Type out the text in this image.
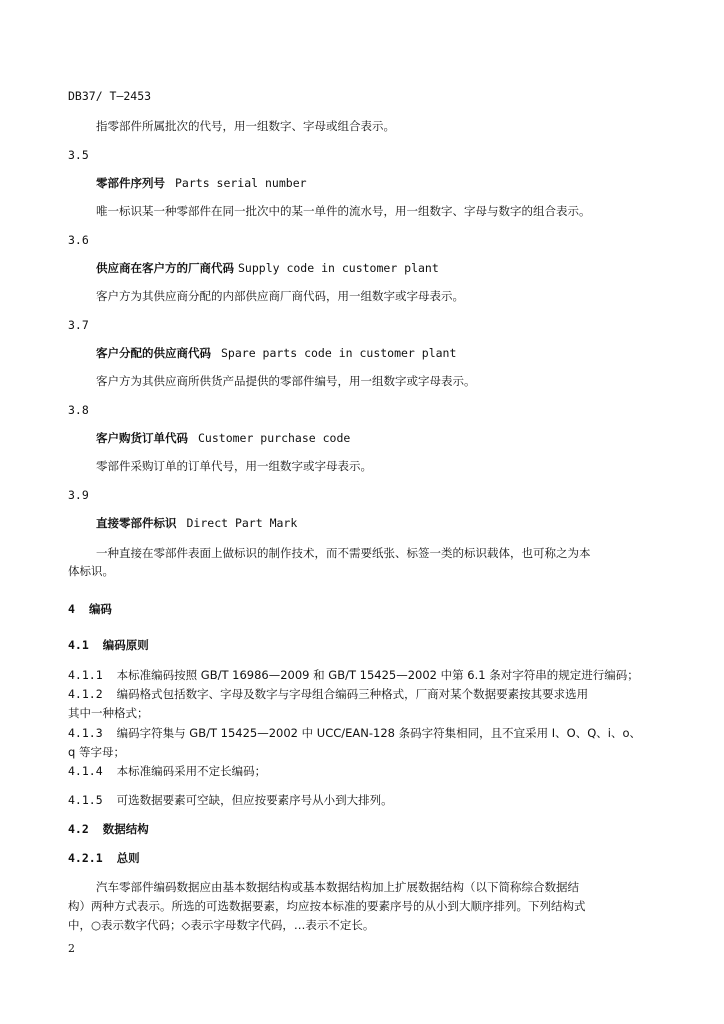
DB37/ T—2453
指零部件所属批次的代号，用一组数字、字母或组合表示。
3.5
零部件序列号 Parts serial number
唯一标识某一种零部件在同一批次中的某一单件的流水号，用一组数字、字母与数字的组合表示。
3.6
供应商在客户方的厂商代码 Supply code in customer plant
客户方为其供应商分配的内部供应商厂商代码，用一组数字或字母表示。
3.7
客户分配的供应商代码 Spare parts code in customer plant
客户方为其供应商所供货产品提供的零部件编号，用一组数字或字母表示。
3.8
客户购货订单代码 Customer purchase code
零部件采购订单的订单代号，用一组数字或字母表示。
3.9
直接零部件标识 Direct Part Mark
一种直接在零部件表面上做标识的制作技术，而不需要纸张、标签一类的标识载体，也可称之为本
体标识。
4 编码
4.1 编码原则
4.1.1 本标准编码按照 GB/T 16986—2009 和 GB/T 15425—2002 中第 6.1 条对字符串的规定进行编码；
4.1.2 编码格式包括数字、字母及数字与字母组合编码三种格式，厂商对某个数据要素按其要求选用
其中一种格式；
4.1.3 编码字符集与 GB/T 15425—2002 中 UCC/EAN-128 条码字符集相同，且不宜采用 I、O、Q、i、o、
q 等字母；
4.1.4 本标准编码采用不定长编码；
4.1.5 可选数据要素可空缺，但应按要素序号从小到大排列。
4.2 数据结构
4.2.1 总则
汽车零部件编码数据应由基本数据结构或基本数据结构加上扩展数据结构（以下简称综合数据结
构）两种方式表示。所选的可选数据要素，均应按本标准的要素序号的从小到大顺序排列。下列结构式
中，○表示数字代码；◇表示字母数字代码，…表示不定长。
2
